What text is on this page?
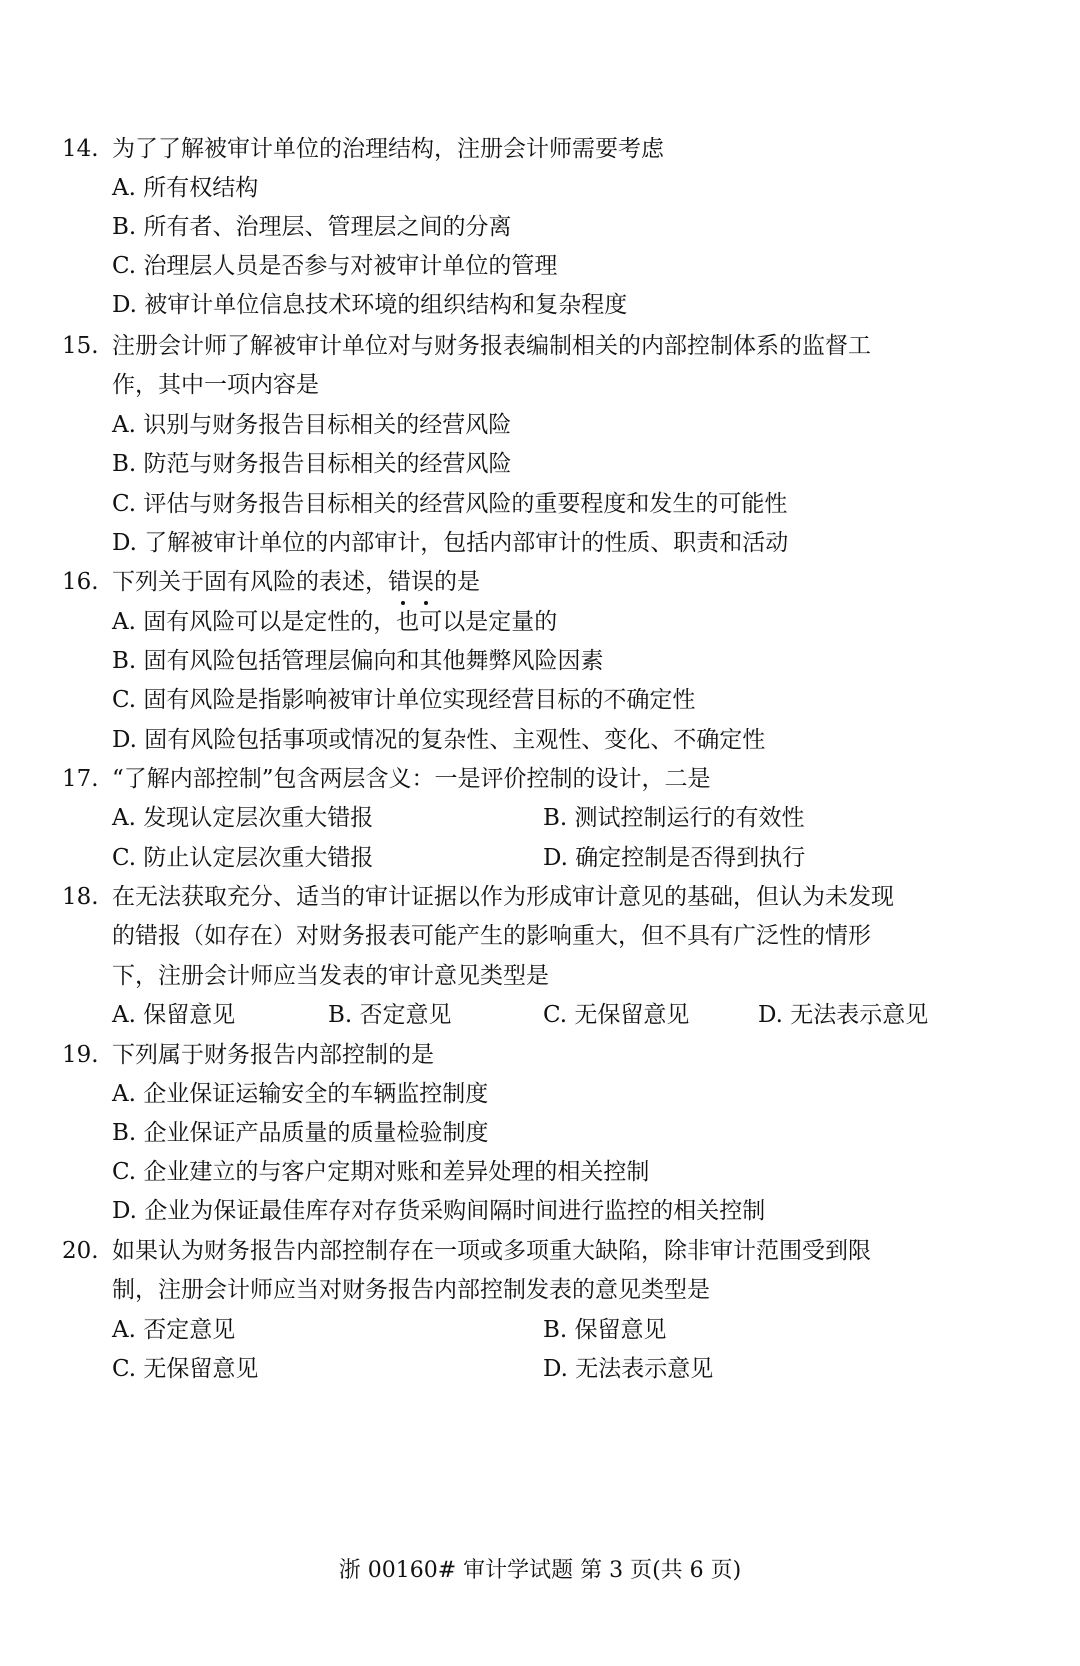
14. 为了了解被审计单位的治理结构，注册会计师需要考虑
A. 所有权结构
B. 所有者、治理层、管理层之间的分离
C. 治理层人员是否参与对被审计单位的管理
D. 被审计单位信息技术环境的组织结构和复杂程度
15. 注册会计师了解被审计单位对与财务报表编制相关的内部控制体系的监督工
作，其中一项内容是
A. 识别与财务报告目标相关的经营风险
B. 防范与财务报告目标相关的经营风险
C. 评估与财务报告目标相关的经营风险的重要程度和发生的可能性
D. 了解被审计单位的内部审计，包括内部审计的性质、职责和活动
16. 下列关于固有风险的表述，错误的是
A. 固有风险可以是定性的，也可以是定量的
B. 固有风险包括管理层偏向和其他舞弊风险因素
C. 固有风险是指影响被审计单位实现经营目标的不确定性
D. 固有风险包括事项或情况的复杂性、主观性、变化、不确定性
17. “了解内部控制”包含两层含义：一是评价控制的设计，二是
A. 发现认定层次重大错报	B. 测试控制运行的有效性
C. 防止认定层次重大错报	D. 确定控制是否得到执行
18. 在无法获取充分、适当的审计证据以作为形成审计意见的基础，但认为未发现
的错报（如存在）对财务报表可能产生的影响重大，但不具有广泛性的情形
下，注册会计师应当发表的审计意见类型是
A. 保留意见	B. 否定意见	C. 无保留意见	D. 无法表示意见
19. 下列属于财务报告内部控制的是
A. 企业保证运输安全的车辆监控制度
B. 企业保证产品质量的质量检验制度
C. 企业建立的与客户定期对账和差异处理的相关控制
D. 企业为保证最佳库存对存货采购间隔时间进行监控的相关控制
20. 如果认为财务报告内部控制存在一项或多项重大缺陷，除非审计范围受到限
制，注册会计师应当对财务报告内部控制发表的意见类型是
A. 否定意见	B. 保留意见
C. 无保留意见	D. 无法表示意见
浙 00160# 审计学试题 第 3 页(共 6 页)
